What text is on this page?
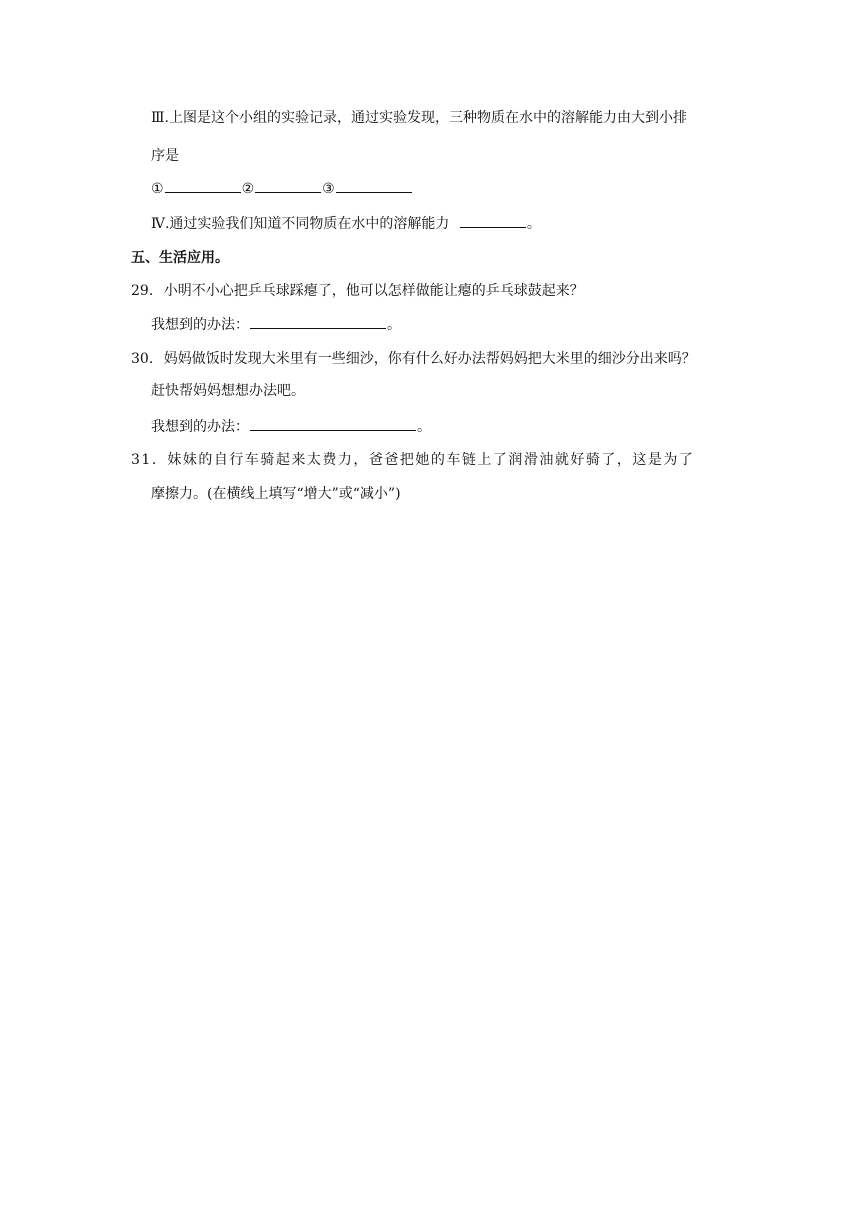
Ⅲ.上图是这个小组的实验记录，通过实验发现，三种物质在水中的溶解能力由大到小排
序是
①	②	③
Ⅳ.通过实验我们知道不同物质在水中的溶解能力	。
五、生活应用。
29. 小明不小心把乒乓球踩瘪了，他可以怎样做能让瘪的乒乓球鼓起来？
我想到的办法：	。
30. 妈妈做饭时发现大米里有一些细沙，你有什么好办法帮妈妈把大米里的细沙分出来吗？
赶快帮妈妈想想办法吧。
我想到的办法：	。
31．妹妹的自行车骑起来太费力，爸爸把她的车链上了润滑油就好骑了，这是为了
摩擦力。(在横线上填写“增大”或“减小”)
